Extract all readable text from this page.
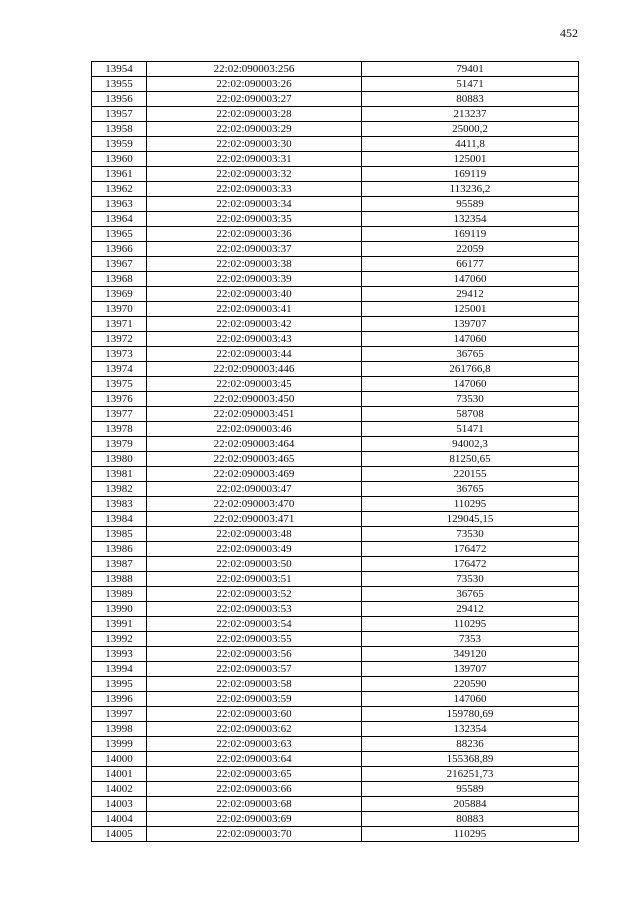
452
13954	22:02:090003:256	79401
13955	22:02:090003:26	51471
13956	22:02:090003:27	80883
13957	22:02:090003:28	213237
13958	22:02:090003:29	25000,2
13959	22:02:090003:30	4411,8
13960	22:02:090003:31	125001
13961	22:02:090003:32	169119
13962	22:02:090003:33	113236,2
13963	22:02:090003:34	95589
13964	22:02:090003:35	132354
13965	22:02:090003:36	169119
13966	22:02:090003:37	22059
13967	22:02:090003:38	66177
13968	22:02:090003:39	147060
13969	22:02:090003:40	29412
13970	22:02:090003:41	125001
13971	22:02:090003:42	139707
13972	22:02:090003:43	147060
13973	22:02:090003:44	36765
13974	22:02:090003:446	261766,8
13975	22:02:090003:45	147060
13976	22:02:090003:450	73530
13977	22:02:090003:451	58708
13978	22:02:090003:46	51471
13979	22:02:090003:464	94002,3
13980	22:02:090003:465	81250,65
13981	22:02:090003:469	220155
13982	22:02:090003:47	36765
13983	22:02:090003:470	110295
13984	22:02:090003:471	129045,15
13985	22:02:090003:48	73530
13986	22:02:090003:49	176472
13987	22:02:090003:50	176472
13988	22:02:090003:51	73530
13989	22:02:090003:52	36765
13990	22:02:090003:53	29412
13991	22:02:090003:54	110295
13992	22:02:090003:55	7353
13993	22:02:090003:56	349120
13994	22:02:090003:57	139707
13995	22:02:090003:58	220590
13996	22:02:090003:59	147060
13997	22:02:090003:60	159780,69
13998	22:02:090003:62	132354
13999	22:02:090003:63	88236
14000	22:02:090003:64	155368,89
14001	22:02:090003:65	216251,73
14002	22:02:090003:66	95589
14003	22:02:090003:68	205884
14004	22:02:090003:69	80883
14005	22:02:090003:70	110295
